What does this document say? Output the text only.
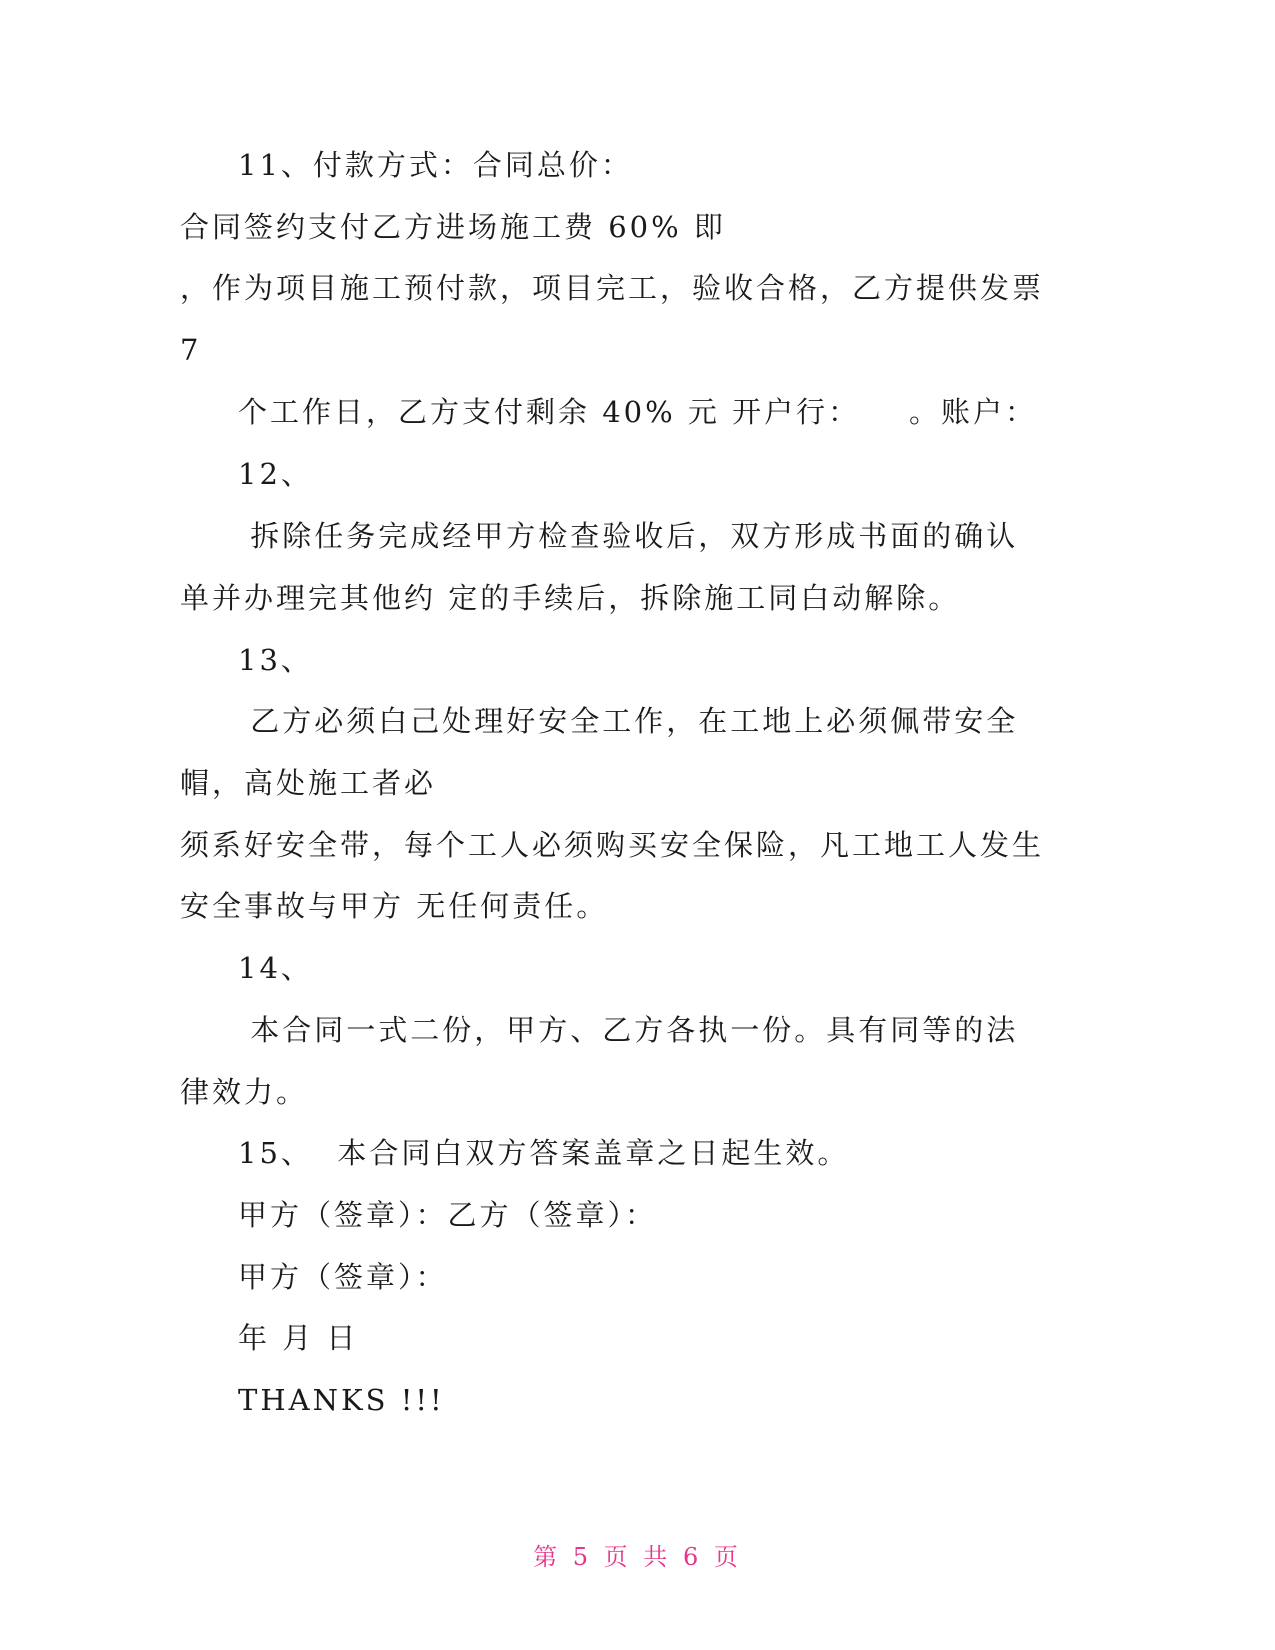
11、付款方式：合同总价：
合同签约支付乙方进场施工费 60% 即
，作为项目施工预付款，项目完工，验收合格，乙方提供发票
7
个工作日，乙方支付剩余 40% 元 开户行：    。账户：
12、
拆除任务完成经甲方检查验收后，双方形成书面的确认
单并办理完其他约 定的手续后，拆除施工同白动解除。
13、
乙方必须白己处理好安全工作，在工地上必须佩带安全
帽，高处施工者必
须系好安全带，每个工人必须购买安全保险，凡工地工人发生
安全事故与甲方 无任何责任。
14、
本合同一式二份，甲方、乙方各执一份。具有同等的法
律效力。
15、  本合同白双方答案盖章之日起生效。
甲方（签章）：乙方（签章）：
甲方（签章）：
年 月 日
THANKS !!!
第 5 页 共 6 页
